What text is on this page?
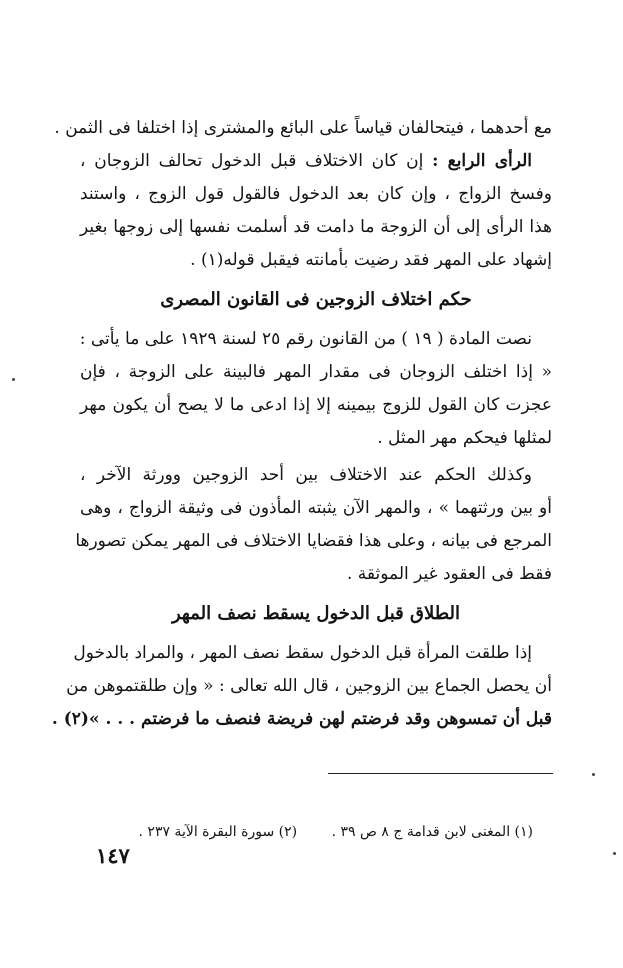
مع أحدهما ، فيتحالفان قياساً على البائع والمشترى إذا اختلفا فى الثمن .
الرأى الرابع : إن كان الاختلاف قبل الدخول تحالف الزوجان ،
وفسخ الزواج ، وإن كان بعد الدخول فالقول قول الزوج ، واستند
هذا الرأى إلى أن الزوجة ما دامت قد أسلمت نفسها إلى زوجها بغير
إشهاد على المهر فقد رضيت بأمانته فيقبل قوله(١) .
حكم اختلاف الزوجين فى القانون المصرى
نصت المادة ( ١٩ ) من القانون رقم ٢٥ لسنة ١٩٢٩ على ما يأتى :
« إذا اختلف الزوجان فى مقدار المهر فالبينة على الزوجة ، فإن
عجزت كان القول للزوج بيمينه إلا إذا ادعى ما لا يصح أن يكون مهر
لمثلها فيحكم مهر المثل .
وكذلك الحكم عند الاختلاف بين أحد الزوجين وورثة الآخر ،
أو بين ورثتهما » ، والمهر الآن يثبته المأذون فى وثيقة الزواج ، وهى
المرجع فى بيانه ، وعلى هذا فقضايا الاختلاف فى المهر يمكن تصورها
فقط فى العقود غير الموثقة .
الطلاق قبل الدخول يسقط نصف المهر
إذا طلقت المرأة قبل الدخول سقط نصف المهر ، والمراد بالدخول
أن يحصل الجماع بين الزوجين ، قال الله تعالى : « وإن طلقتموهن من
قبل أن تمسوهن وقد فرضتم لهن فريضة فنصف ما فرضتم . . . »(٢) .
(١) المغنى لابن قدامة ج ٨ ص ٣٩ . (٢) سورة البقرة الآية ٢٣٧ .
١٤٧
